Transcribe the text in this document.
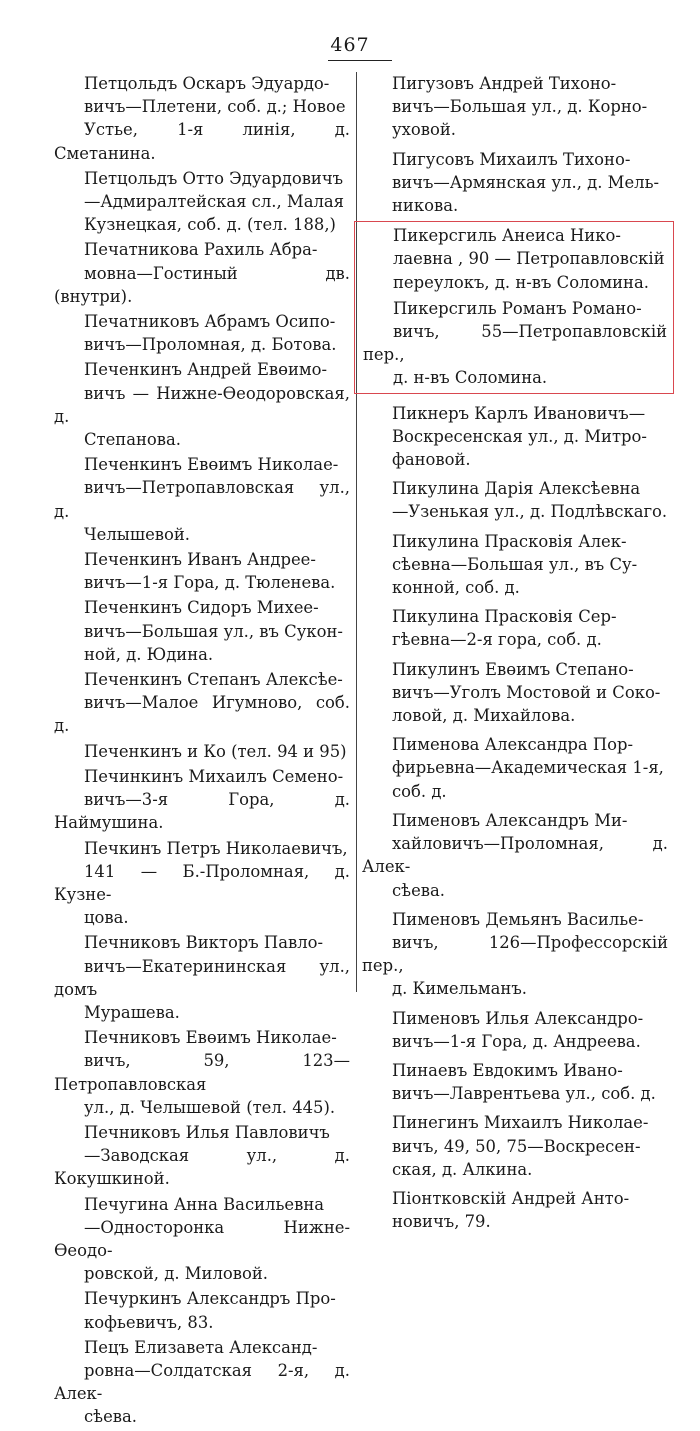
467
Петцольдъ Оскаръ Эдуардо-
вичъ—Плетени, соб. д.; Новое
Устье, 1-я линія, д. Сметанина.
Петцольдъ Отто Эдуардовичъ
—Адмиралтейская сл., Малая
Кузнецкая, соб. д. (тел. 188,)
Печатникова Рахиль Абра-
мовна—Гостиный дв. (внутри).
Печатниковъ Абрамъ Осипо-
вичъ—Проломная, д. Ботова.
Печенкинъ Андрей Евөимо-
вичъ — Нижне-Өеодоровская, д.
Степанова.
Печенкинъ Евөимъ Николае-
вичъ—Петропавловская ул., д.
Челышевой.
Печенкинъ Иванъ Андрее-
вичъ—1-я Гора, д. Тюленева.
Печенкинъ Сидоръ Михее-
вичъ—Большая ул., въ Сукон-
ной, д. Юдина.
Печенкинъ Степанъ Алексѣе-
вичъ—Малое Игумново, соб. д.
Печенкинъ и Ко (тел. 94 и 95)
Печинкинъ Михаилъ Семено-
вичъ—3-я Гора, д. Наймушина.
Печкинъ Петръ Николаевичъ,
141 — Б.-Проломная, д. Кузне-
цова.
Печниковъ Викторъ Павло-
вичъ—Екатерининская ул., домъ
Мурашева.
Печниковъ Евөимъ Николае-
вичъ, 59, 123—Петропавловская
ул., д. Челышевой (тел. 445).
Печниковъ Илья Павловичъ
—Заводская ул., д. Кокушкиной.
Печугина Анна Васильевна
—Односторонка Нижне-Өеодо-
ровской, д. Миловой.
Печуркинъ Александръ Про-
кофьевичъ, 83.
Пецъ Елизавета Александ-
ровна—Солдатская 2-я, д. Алек-
сѣева.
Пигузовъ Андрей Тихоно-
вичъ—Большая ул., д. Корно-
уховой.
Пигусовъ Михаилъ Тихоно-
вичъ—Армянская ул., д. Мель-
никова.
Пикерсгиль Анеиса Нико-
лаевна , 90 — Петропавловскій
переулокъ, д. н-въ Соломина.
Пикерсгиль Романъ Романо-
вичъ, 55—Петропавловскій пер.,
д. н-въ Соломина.
Пикнеръ Карлъ Ивановичъ—
Воскресенская ул., д. Митро-
фановой.
Пикулина Дарія Алексѣевна
—Узенькая ул., д. Подлѣвскаго.
Пикулина Прасковія Алек-
сѣевна—Большая ул., въ Су-
конной, соб. д.
Пикулина Прасковія Сер-
гѣевна—2-я гора, соб. д.
Пикулинъ Евөимъ Степано-
вичъ—Уголъ Мостовой и Соко-
ловой, д. Михайлова.
Пименова Александра Пор-
фирьевна—Академическая 1-я,
соб. д.
Пименовъ Александръ Ми-
хайловичъ—Проломная, д. Алек-
сѣева.
Пименовъ Демьянъ Василье-
вичъ, 126—Профессорскій пер.,
д. Кимельманъ.
Пименовъ Илья Александро-
вичъ—1-я Гора, д. Андреева.
Пинаевъ Евдокимъ Ивано-
вичъ—Лаврентьева ул., соб. д.
Пинегинъ Михаилъ Николае-
вичъ, 49, 50, 75—Воскресен-
ская, д. Алкина.
Піонтковскій Андрей Анто-
новичъ, 79.
